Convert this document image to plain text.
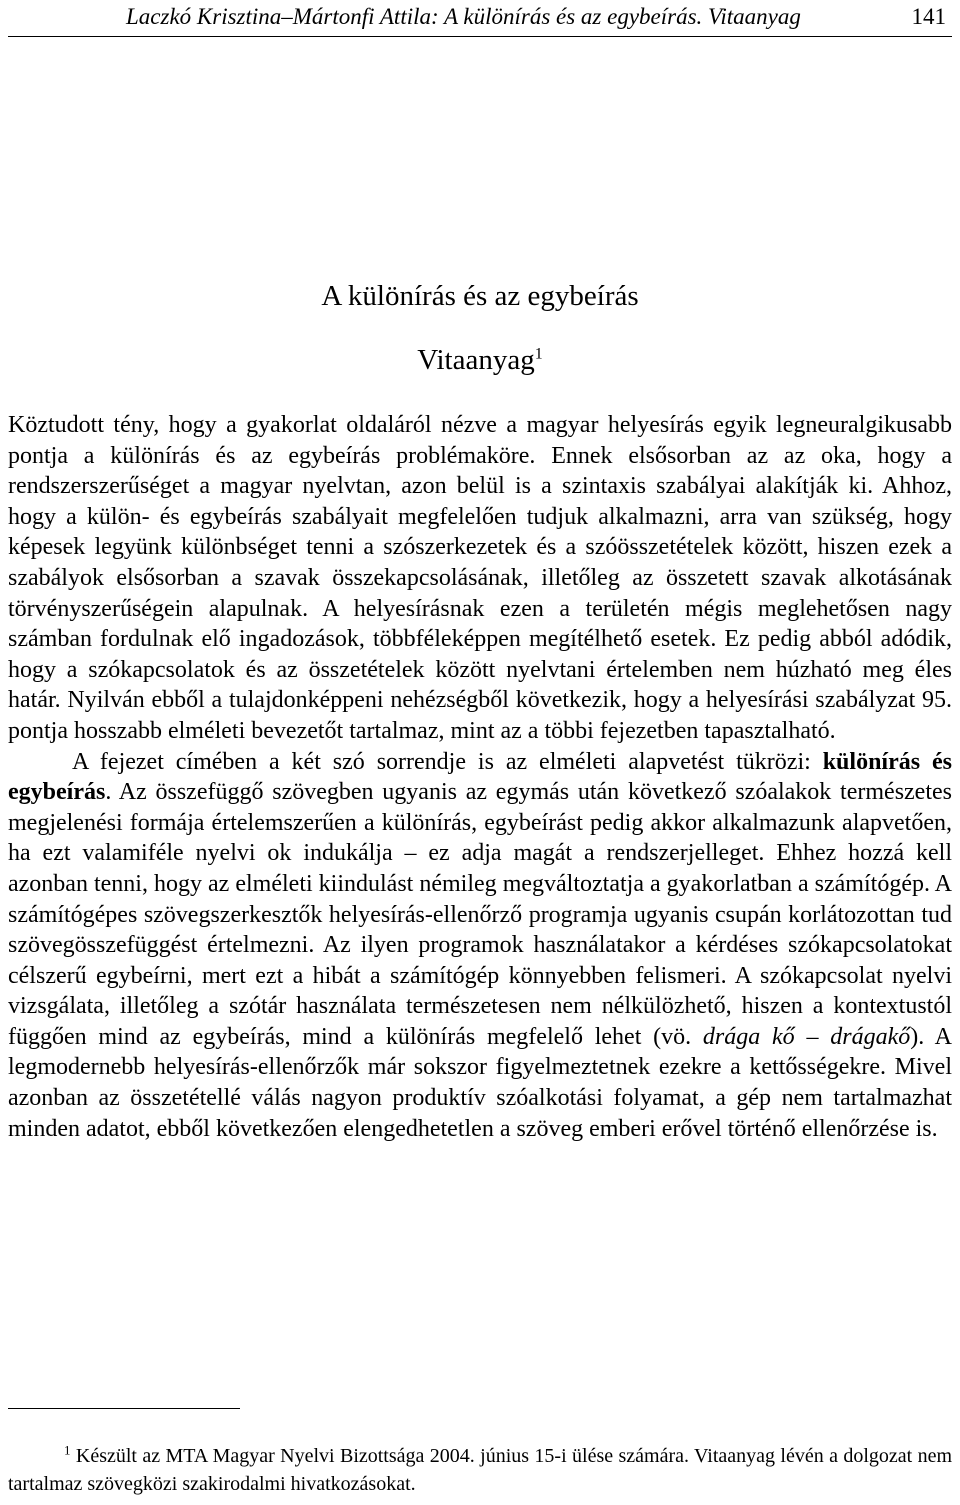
Laczkó Krisztina–Mártonfi Attila: A különírás és az egybeírás. Vitaanyag	141
A különírás és az egybeírás
Vitaanyag$^1$

Köztudott tény, hogy a gyakorlat oldaláról nézve a magyar helyesírás egyik legneuralgikusabb pontja a különírás és az egybeírás problémaköre. Ennek elsősorban az az oka, hogy a rendszerszerűséget a magyar nyelvtan, azon belül is a szintaxis szabályai alakítják ki. Ahhoz, hogy a külön- és egybeírás szabályait megfelelően tudjuk alkalmazni, arra van szükség, hogy képesek legyünk különbséget tenni a szószerkezetek és a szóösszetételek között, hiszen ezek a szabályok elsősorban a szavak összekapcsolásának, illetőleg az összetett szavak alkotásának törvényszerűségein alapulnak. A helyesírásnak ezen a területén mégis meglehetősen nagy számban fordulnak elő ingadozások, többféleképpen megítélhető esetek. Ez pedig abból adódik, hogy a szókapcsolatok és az összetételek között nyelvtani értelemben nem húzható meg éles határ. Nyilván ebből a tulajdonképpeni nehézségből következik, hogy a helyesírási szabályzat 95. pontja hosszabb elméleti bevezetőt tartalmaz, mint az a többi fejezetben tapasztalható.

A fejezet címében a két szó sorrendje is az elméleti alapvetést tükrözi: különírás és egybeírás. Az összefüggő szövegben ugyanis az egymás után következő szóalakok természetes megjelenési formája értelemszerűen a különírás, egybeírást pedig akkor alkalmazunk alapvetően, ha ezt valamiféle nyelvi ok indukálja – ez adja magát a rendszerjelleget. Ehhez hozzá kell azonban tenni, hogy az elméleti kiindulást némileg megváltoztatja a gyakorlatban a számítógép. A számítógépes szövegszerkesztők helyesírás-ellenőrző programja ugyanis csupán korlátozottan tud szövegösszefüggést értelmezni. Az ilyen programok használatakor a kérdéses szókapcsolatokat célszerű egybeírni, mert ezt a hibát a számítógép könnyebben felismeri. A szókapcsolat nyelvi vizsgálata, illetőleg a szótár használata természetesen nem nélkülözhető, hiszen a kontextustól függően mind az egybeírás, mind a különírás megfelelő lehet (vö. drága kő – drágakő). A legmodernebb helyesírás-ellenőrzők már sokszor figyelmeztetnek ezekre a kettősségekre. Mivel azonban az összetétellé válás nagyon produktív szóalkotási folyamat, a gép nem tartalmazhat minden adatot, ebből következően elengedhetetlen a szöveg emberi erővel történő ellenőrzése is.

$^1$ Készült az MTA Magyar Nyelvi Bizottsága 2004. június 15-i ülése számára. Vitaanyag lévén a dolgozat nem tartalmaz szövegközi szakirodalmi hivatkozásokat.
